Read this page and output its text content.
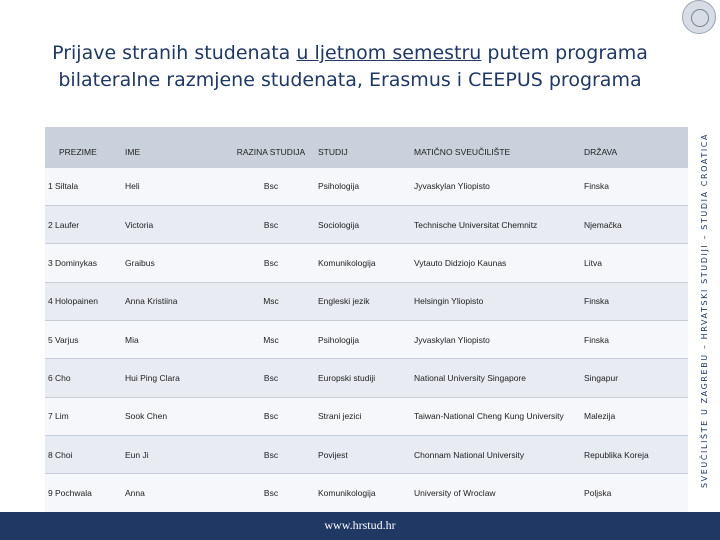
Prijave stranih studenata u ljetnom semestru putem programa bilateralne razmjene studenata, Erasmus i CEEPUS programa
SVEUČILIŠTE U ZAGREBU – HRVATSKI STUDIJI – STUDIA CROATICA
PREZIME	IME	RAZINA STUDIJA	STUDIJ	MATIČNO SVEUČILIŠTE	DRŽAVA
1 Siltala	Heli	Bsc	Psihologija	Jyvaskylan Yliopisto	Finska
2 Laufer	Victoria	Bsc	Sociologija	Technische Universitat Chemnitz	Njemačka
3 Dominykas	Graibus	Bsc	Komunikologija	Vytauto Didziojo Kaunas	Litva
4 Holopainen	Anna Kristiina	Msc	Engleski jezik	Helsingin Yliopisto	Finska
5 Varjus	Mia	Msc	Psihologija	Jyvaskylan Yliopisto	Finska
6 Cho	Hui Ping Clara	Bsc	Europski studiji	National University Singapore	Singapur
7 Lim	Sook Chen	Bsc	Strani jezici	Taiwan-National Cheng Kung University	Malezija
8 Choi	Eun Ji	Bsc	Povijest	Chonnam National University	Republika Koreja
9 Pochwala	Anna	Bsc	Komunikologija	University of Wroclaw	Poljska
www.hrstud.hr
